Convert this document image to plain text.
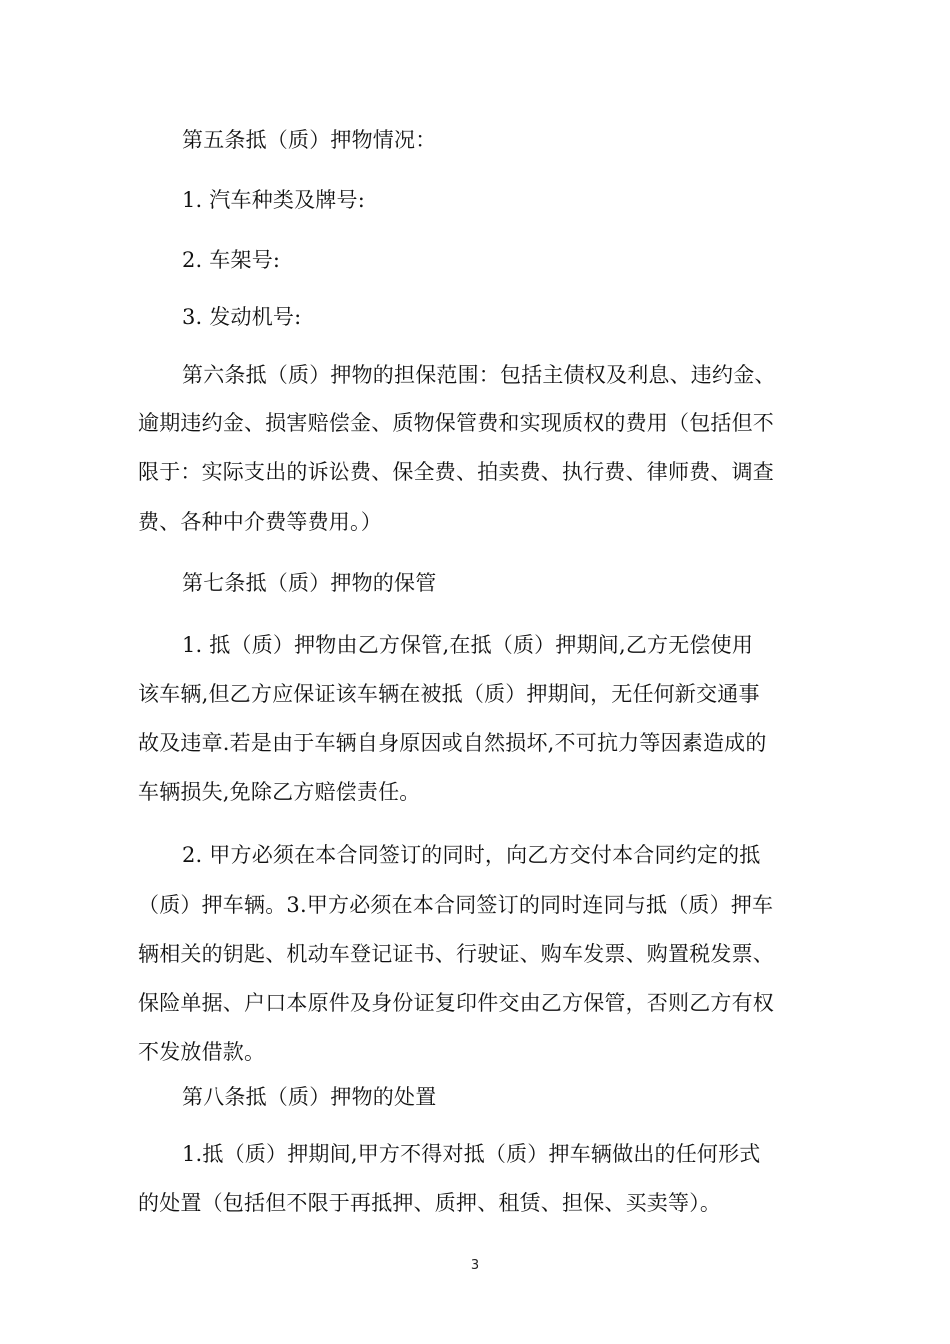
第五条抵（质）押物情况：
1. 汽车种类及牌号:
2. 车架号:
3. 发动机号:
第六条抵（质）押物的担保范围：包括主债权及利息、违约金、
逾期违约金、损害赔偿金、质物保管费和实现质权的费用（包括但不
限于：实际支出的诉讼费、保全费、拍卖费、执行费、律师费、调查
费、各种中介费等费用。）
第七条抵（质）押物的保管
1. 抵（质）押物由乙方保管,在抵（质）押期间,乙方无偿使用
该车辆,但乙方应保证该车辆在被抵（质）押期间，无任何新交通事
故及违章.若是由于车辆自身原因或自然损坏,不可抗力等因素造成的
车辆损失,免除乙方赔偿责任。
2. 甲方必须在本合同签订的同时，向乙方交付本合同约定的抵
（质）押车辆。3.甲方必须在本合同签订的同时连同与抵（质）押车
辆相关的钥匙、机动车登记证书、行驶证、购车发票、购置税发票、
保险单据、户口本原件及身份证复印件交由乙方保管，否则乙方有权
不发放借款。
第八条抵（质）押物的处置
1.抵（质）押期间,甲方不得对抵（质）押车辆做出的任何形式
的处置（包括但不限于再抵押、质押、租赁、担保、买卖等）。
3
